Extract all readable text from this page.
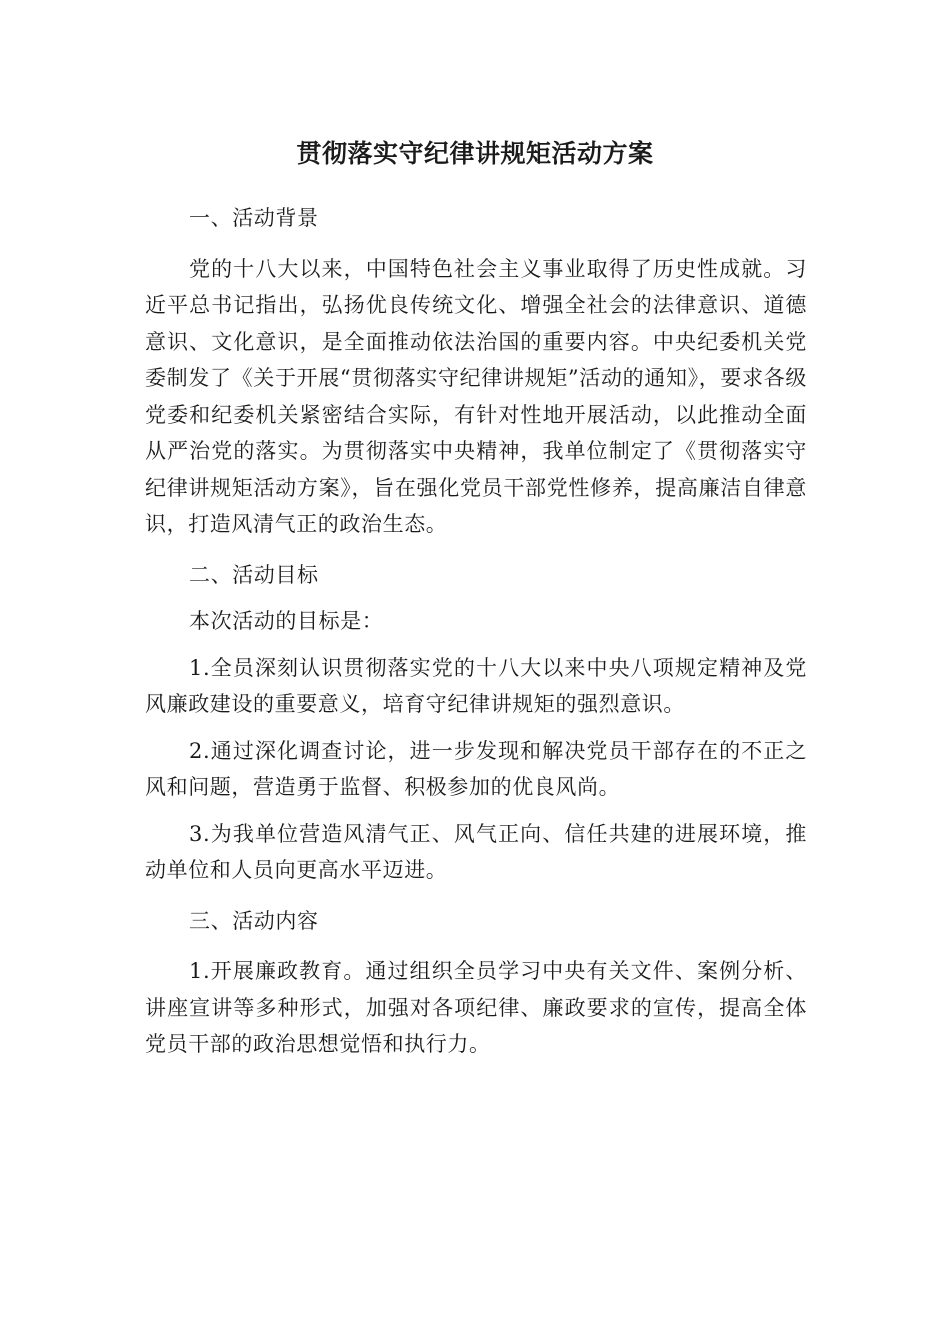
贯彻落实守纪律讲规矩活动方案

一、活动背景

党的十八大以来，中国特色社会主义事业取得了历史性成就。习近平总书记指出，弘扬优良传统文化、增强全社会的法律意识、道德意识、文化意识，是全面推动依法治国的重要内容。中央纪委机关党委制发了《关于开展“贯彻落实守纪律讲规矩”活动的通知》，要求各级党委和纪委机关紧密结合实际，有针对性地开展活动，以此推动全面从严治党的落实。为贯彻落实中央精神，我单位制定了《贯彻落实守纪律讲规矩活动方案》，旨在强化党员干部党性修养，提高廉洁自律意识，打造风清气正的政治生态。

二、活动目标

本次活动的目标是：

1.全员深刻认识贯彻落实党的十八大以来中央八项规定精神及党风廉政建设的重要意义，培育守纪律讲规矩的强烈意识。

2.通过深化调查讨论，进一步发现和解决党员干部存在的不正之风和问题，营造勇于监督、积极参加的优良风尚。

3.为我单位营造风清气正、风气正向、信任共建的进展环境，推动单位和人员向更高水平迈进。

三、活动内容

1.开展廉政教育。通过组织全员学习中央有关文件、案例分析、讲座宣讲等多种形式，加强对各项纪律、廉政要求的宣传，提高全体党员干部的政治思想觉悟和执行力。
